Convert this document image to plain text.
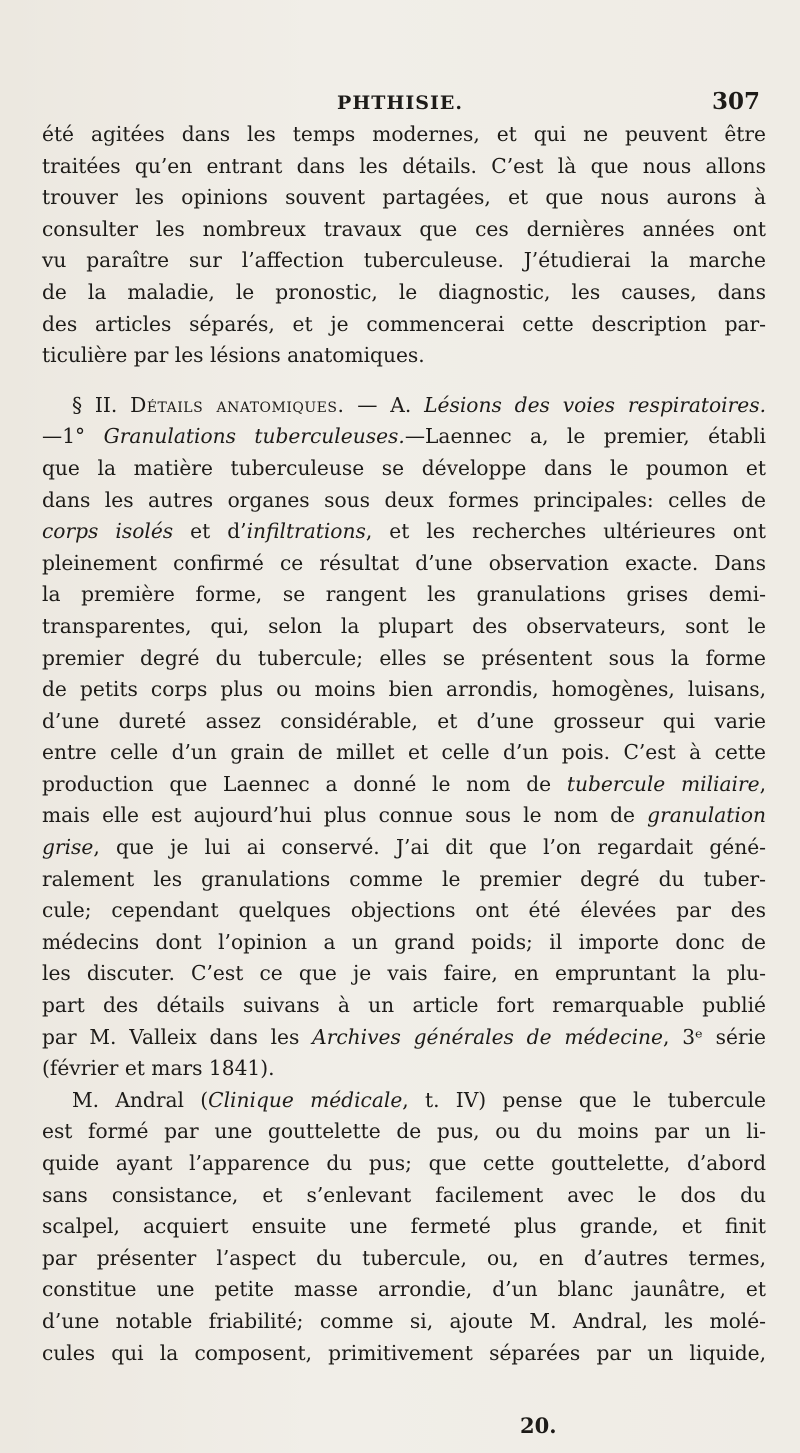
PHTHISIE.	307
été agitées dans les temps modernes, et qui ne peuvent être
traitées qu’en entrant dans les détails. C’est là que nous allons
trouver les opinions souvent partagées, et que nous aurons à
consulter les nombreux travaux que ces dernières années ont
vu paraître sur l’affection tuberculeuse. J’étudierai la marche
de la maladie, le pronostic, le diagnostic, les causes, dans
des articles séparés, et je commencerai cette description par-
ticulière par les lésions anatomiques.
§ II. Détails anatomiques. — A. Lésions des voies respiratoires.
—1° Granulations tuberculeuses.—Laennec a, le premier, établi
que la matière tuberculeuse se développe dans le poumon et
dans les autres organes sous deux formes principales: celles de
corps isolés et d’infiltrations, et les recherches ultérieures ont
pleinement confirmé ce résultat d’une observation exacte. Dans
la première forme, se rangent les granulations grises demi-
transparentes, qui, selon la plupart des observateurs, sont le
premier degré du tubercule; elles se présentent sous la forme
de petits corps plus ou moins bien arrondis, homogènes, luisans,
d’une dureté assez considérable, et d’une grosseur qui varie
entre celle d’un grain de millet et celle d’un pois. C’est à cette
production que Laennec a donné le nom de tubercule miliaire,
mais elle est aujourd’hui plus connue sous le nom de granulation
grise, que je lui ai conservé. J’ai dit que l’on regardait géné-
ralement les granulations comme le premier degré du tuber-
cule; cependant quelques objections ont été élevées par des
médecins dont l’opinion a un grand poids; il importe donc de
les discuter. C’est ce que je vais faire, en empruntant la plu-
part des détails suivans à un article fort remarquable publié
par M. Valleix dans les Archives générales de médecine, 3ᵉ série
(février et mars 1841).
M. Andral (Clinique médicale, t. IV) pense que le tubercule
est formé par une gouttelette de pus, ou du moins par un li-
quide ayant l’apparence du pus; que cette gouttelette, d’abord
sans consistance, et s’enlevant facilement avec le dos du
scalpel, acquiert ensuite une fermeté plus grande, et finit
par présenter l’aspect du tubercule, ou, en d’autres termes,
constitue une petite masse arrondie, d’un blanc jaunâtre, et
d’une notable friabilité; comme si, ajoute M. Andral, les molé-
cules qui la composent, primitivement séparées par un liquide,
20.
